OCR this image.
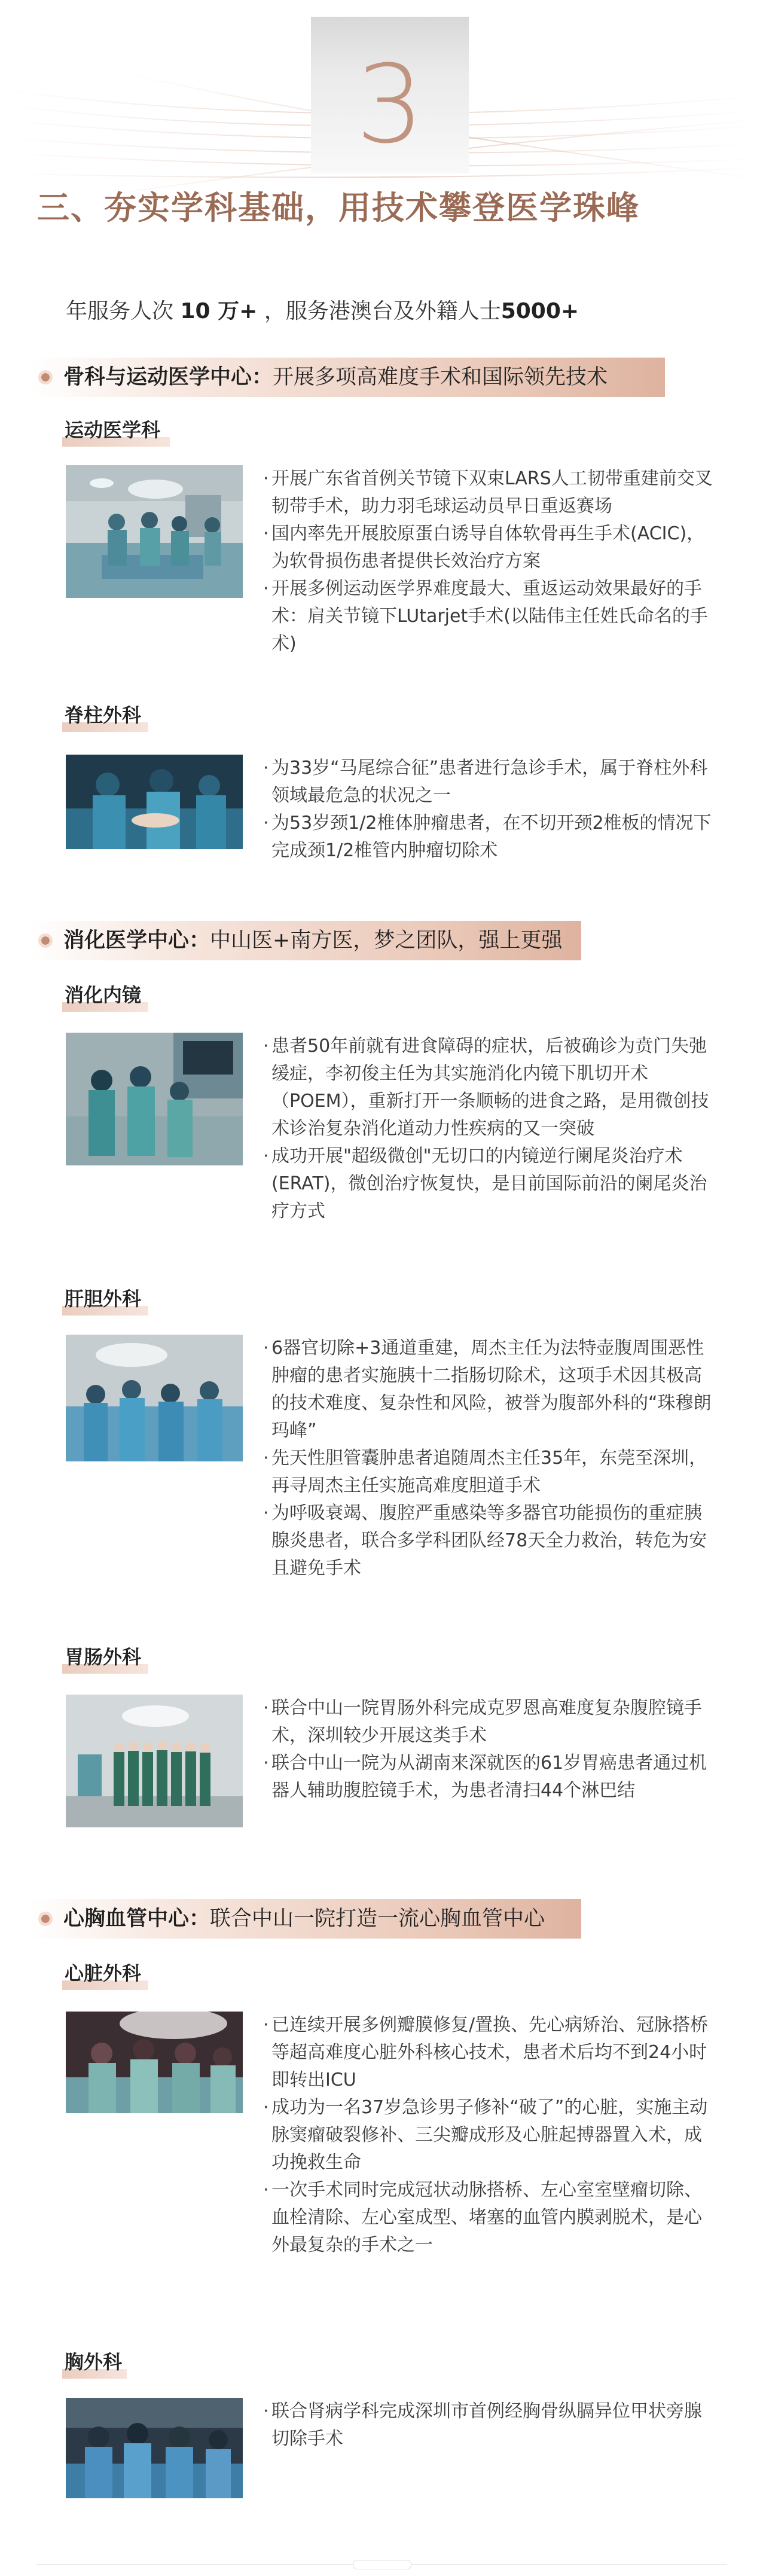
3
三、夯实学科基础，用技术攀登医学珠峰
年服务人次 10 万+ ，服务港澳台及外籍人士5000+
骨科与运动医学中心：开展多项高难度手术和国际领先技术
运动医学科
· 开展广东省首例关节镜下双束LARS人工韧带重建前交叉韧带手术，助力羽毛球运动员早日重返赛场
· 国内率先开展胶原蛋白诱导自体软骨再生手术(ACIC)，为软骨损伤患者提供长效治疗方案
· 开展多例运动医学界难度最大、重返运动效果最好的手术：肩关节镜下LUtarjet手术(以陆伟主任姓氏命名的手术)
脊柱外科
· 为33岁“马尾综合征”患者进行急诊手术，属于脊柱外科领域最危急的状况之一
· 为53岁颈1/2椎体肿瘤患者，在不切开颈2椎板的情况下完成颈1/2椎管内肿瘤切除术
消化医学中心：中山医+南方医，梦之团队，强上更强
消化内镜
· 患者50年前就有进食障碍的症状，后被确诊为贲门失弛缓症，李初俊主任为其实施消化内镜下肌切开术（POEM），重新打开一条顺畅的进食之路，是用微创技术诊治复杂消化道动力性疾病的又一突破
· 成功开展"超级微创"无切口的内镜逆行阑尾炎治疗术(ERAT)，微创治疗恢复快，是目前国际前沿的阑尾炎治疗方式
肝胆外科
· 6器官切除+3通道重建，周杰主任为法特壶腹周围恶性肿瘤的患者实施胰十二指肠切除术，这项手术因其极高的技术难度、复杂性和风险，被誉为腹部外科的“珠穆朗玛峰”
· 先天性胆管囊肿患者追随周杰主任35年，东莞至深圳，再寻周杰主任实施高难度胆道手术
· 为呼吸衰竭、腹腔严重感染等多器官功能损伤的重症胰腺炎患者，联合多学科团队经78天全力救治，转危为安且避免手术
胃肠外科
· 联合中山一院胃肠外科完成克罗恩高难度复杂腹腔镜手术，深圳较少开展这类手术
· 联合中山一院为从湖南来深就医的61岁胃癌患者通过机器人辅助腹腔镜手术，为患者清扫44个淋巴结
心胸血管中心：联合中山一院打造一流心胸血管中心
心脏外科
· 已连续开展多例瓣膜修复/置换、先心病矫治、冠脉搭桥等超高难度心脏外科核心技术，患者术后均不到24小时即转出ICU
· 成功为一名37岁急诊男子修补“破了”的心脏，实施主动脉窦瘤破裂修补、三尖瓣成形及心脏起搏器置入术，成功挽救生命
· 一次手术同时完成冠状动脉搭桥、左心室室壁瘤切除、血栓清除、左心室成型、堵塞的血管内膜剥脱术，是心外最复杂的手术之一
胸外科
· 联合肾病学科完成深圳市首例经胸骨纵膈异位甲状旁腺切除手术
